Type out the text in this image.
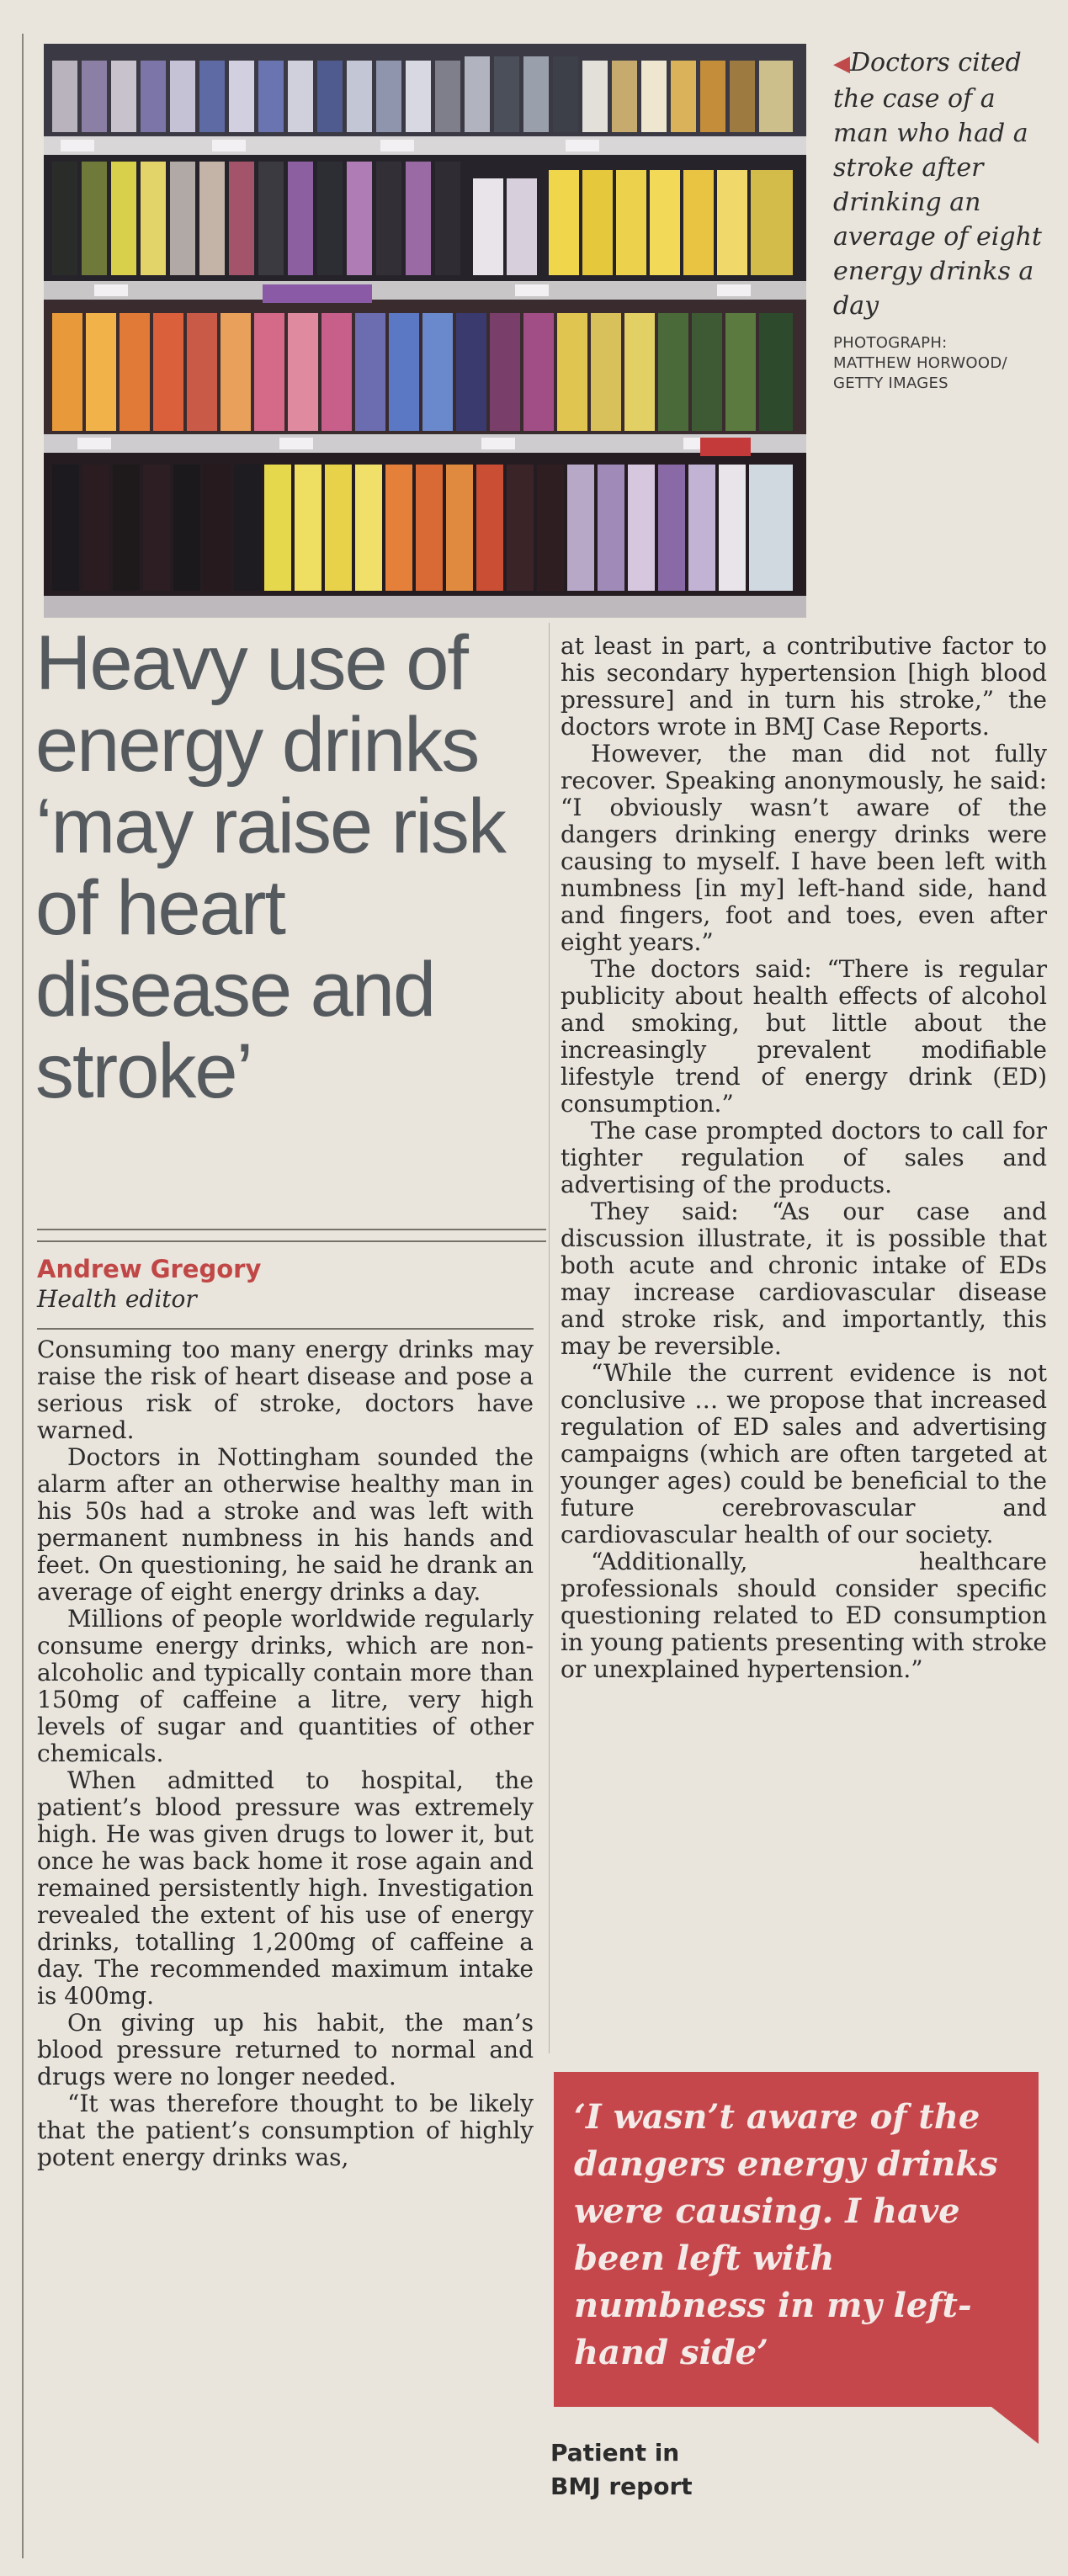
◀Doctors cited the case of a man who had a stroke after drinking an average of eight energy drinks a day

PHOTOGRAPH:
MATTHEW HORWOOD/
GETTY IMAGES
Heavy use of energy drinks ‘may raise risk of heart disease and stroke’
Andrew Gregory
Health editor

Consuming too many energy drinks may raise the risk of heart disease and pose a serious risk of stroke, doctors have warned.

Doctors in Nottingham sounded the alarm after an otherwise healthy man in his 50s had a stroke and was left with permanent numbness in his hands and feet. On questioning, he said he drank an average of eight energy drinks a day.

Millions of people worldwide regularly consume energy drinks, which are non-alcoholic and typically contain more than 150mg of caffeine a litre, very high levels of sugar and quantities of other chemicals.

When admitted to hospital, the patient’s blood pressure was extremely high. He was given drugs to lower it, but once he was back home it rose again and remained persistently high. Investigation revealed the extent of his use of energy drinks, totalling 1,200mg of caffeine a day. The recommended maximum intake is 400mg.

On giving up his habit, the man’s blood pressure returned to normal and drugs were no longer needed.

“It was therefore thought to be likely that the patient’s consumption of highly potent energy drinks was,

at least in part, a contributive factor to his secondary hypertension [high blood pressure] and in turn his stroke,” the doctors wrote in BMJ Case Reports.

However, the man did not fully recover. Speaking anonymously, he said: “I obviously wasn’t aware of the dangers drinking energy drinks were causing to myself. I have been left with numbness [in my] left-hand side, hand and fingers, foot and toes, even after eight years.”

The doctors said: “There is regular publicity about health effects of alcohol and smoking, but little about the increasingly prevalent modifiable lifestyle trend of energy drink (ED) consumption.”

The case prompted doctors to call for tighter regulation of sales and advertising of the products.

They said: “As our case and discussion illustrate, it is possible that both acute and chronic intake of EDs may increase cardiovascular disease and stroke risk, and importantly, this may be reversible.

“While the current evidence is not conclusive … we propose that increased regulation of ED sales and advertising campaigns (which are often targeted at younger ages) could be beneficial to the future cerebrovascular and cardiovascular health of our society.

“Additionally, healthcare professionals should consider specific questioning related to ED consumption in young patients presenting with stroke or unexplained hypertension.”

‘I wasn’t aware of the dangers energy drinks were causing. I have been left with numbness in my left-hand side’

Patient in
BMJ report
